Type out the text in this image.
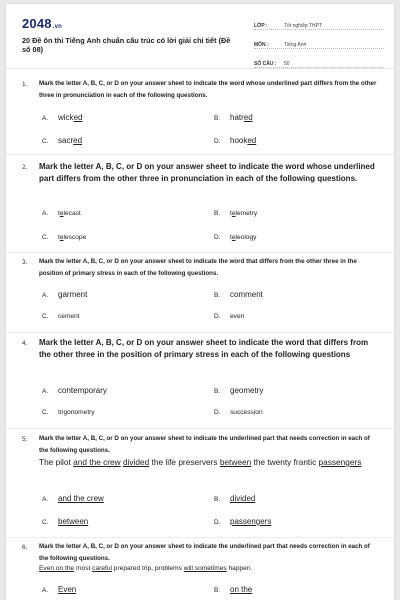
2048.vn
20 Đề ôn thi Tiếng Anh chuẩn cấu trúc có lời giải chi tiết (Đề số 08)
LỚP :	Tốt nghiệp THPT
MÔN :	Tiếng Anh
SỐ CÂU :	50
1. Mark the letter A, B, C, or D on your answer sheet to indicate the word whose underlined part differs from the other three in pronunciation in each of the following questions.
A. wicked	B. hatred
C. sacred	D. hooked
2. Mark the letter A, B, C, or D on your answer sheet to indicate the word whose underlined part differs from the other three in pronunciation in each of the following questions.
A. telecast	B. telemetry
C. telescope	D. teleology
3. Mark the letter A, B, C, or D on your answer sheet to indicate the word that differs from the other three in the position of primary stress in each of the following questions.
A. garment	B. comment
C. cement	D. even
4. Mark the letter A, B, C, or D on your answer sheet to indicate the word that differs from the other three in the position of primary stress in each of the following questions
A. contemporary	B. geometry
C. trigonometry	D. succession
5. Mark the letter A, B, C, or D on your answer sheet to indicate the underlined part that needs correction in each of the following questions.
The pilot and the crew divided the life preservers between the twenty frantic passengers
A. and the crew	B. divided
C. between	D. passengers
6. Mark the letter A, B, C, or D on your answer sheet to indicate the underlined part that needs correction in each of the following questions.
Even on the most careful prepared trip, problems will sometimes happen.
A. Even	B. on the
